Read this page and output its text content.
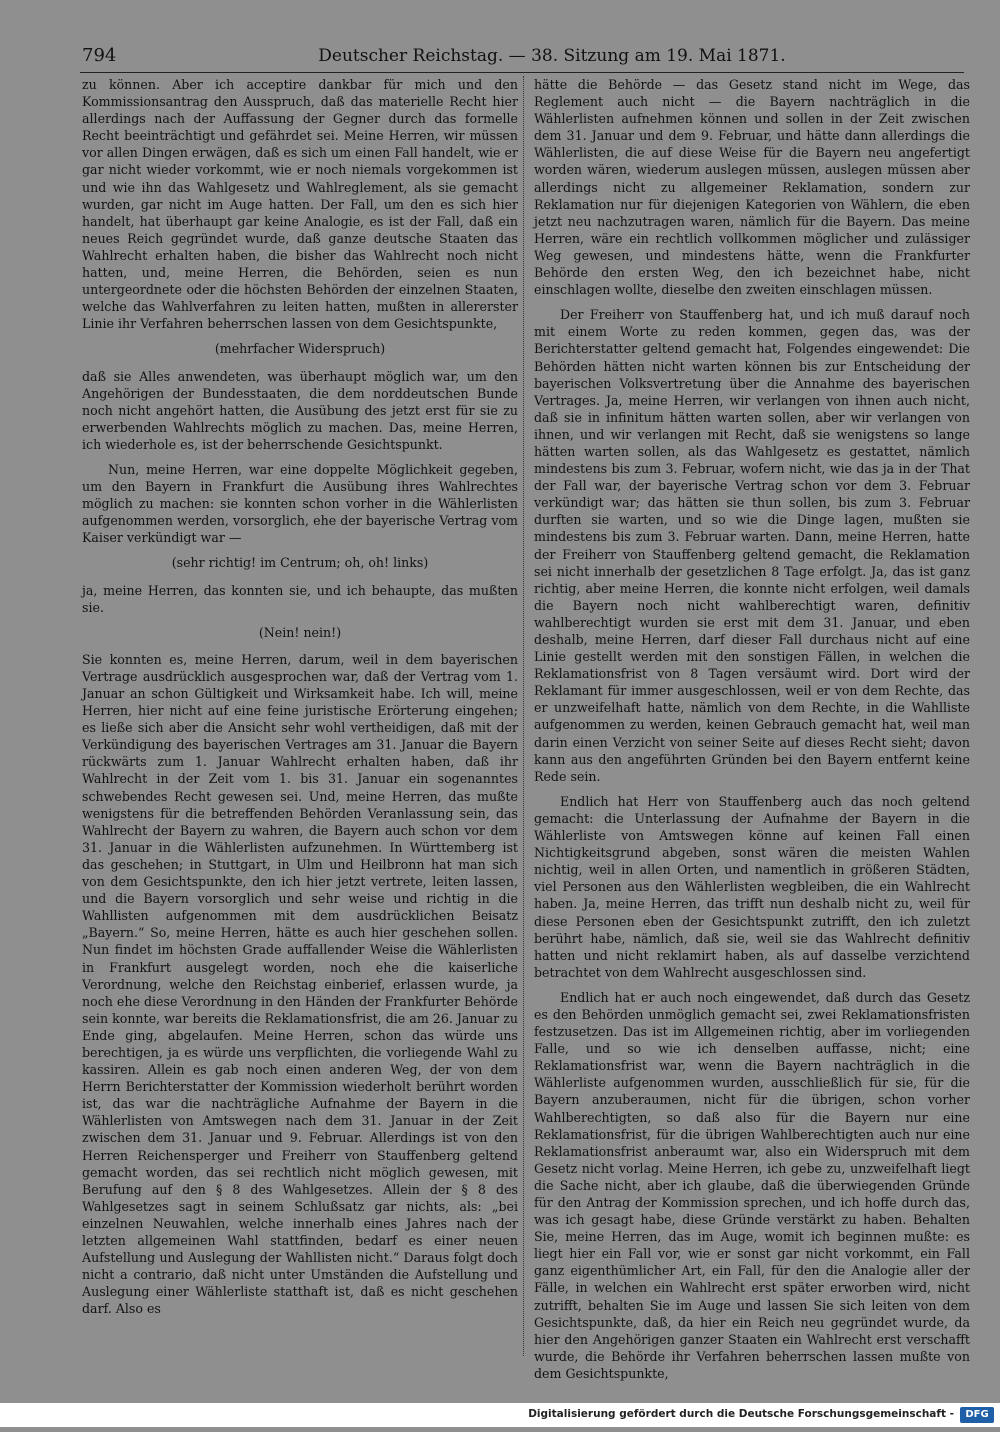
794	Deutscher Reichstag. — 38. Sitzung am 19. Mai 1871.

zu können. Aber ich acceptire dankbar für mich und den Kommissionsantrag den Ausspruch, daß das materielle Recht hier allerdings nach der Auffassung der Gegner durch das formelle Recht beeinträchtigt und gefährdet sei. Meine Herren, wir müssen vor allen Dingen erwägen, daß es sich um einen Fall handelt, wie er gar nicht wieder vorkommt, wie er noch niemals vorgekommen ist und wie ihn das Wahlgesetz und Wahlreglement, als sie gemacht wurden, gar nicht im Auge hatten. Der Fall, um den es sich hier handelt, hat überhaupt gar keine Analogie, es ist der Fall, daß ein neues Reich gegründet wurde, daß ganze deutsche Staaten das Wahlrecht erhalten haben, die bisher das Wahlrecht noch nicht hatten, und, meine Herren, die Behörden, seien es nun untergeordnete oder die höchsten Behörden der einzelnen Staaten, welche das Wahlverfahren zu leiten hatten, mußten in allererster Linie ihr Verfahren beherrschen lassen von dem Gesichtspunkte,

(mehrfacher Widerspruch)

daß sie Alles anwendeten, was überhaupt möglich war, um den Angehörigen der Bundesstaaten, die dem norddeutschen Bunde noch nicht angehört hatten, die Ausübung des jetzt erst für sie zu erwerbenden Wahlrechts möglich zu machen. Das, meine Herren, ich wiederhole es, ist der beherrschende Gesichtspunkt.

Nun, meine Herren, war eine doppelte Möglichkeit gegeben, um den Bayern in Frankfurt die Ausübung ihres Wahlrechtes möglich zu machen: sie konnten schon vorher in die Wählerlisten aufgenommen werden, vorsorglich, ehe der bayerische Vertrag vom Kaiser verkündigt war —

(sehr richtig! im Centrum; oh, oh! links)

ja, meine Herren, das konnten sie, und ich behaupte, das mußten sie.

(Nein! nein!)

Sie konnten es, meine Herren, darum, weil in dem bayerischen Vertrage ausdrücklich ausgesprochen war, daß der Vertrag vom 1. Januar an schon Gültigkeit und Wirksamkeit habe. Ich will, meine Herren, hier nicht auf eine feine juristische Erörterung eingehen; es ließe sich aber die Ansicht sehr wohl vertheidigen, daß mit der Verkündigung des bayerischen Vertrages am 31. Januar die Bayern rückwärts zum 1. Januar Wahlrecht erhalten haben, daß ihr Wahlrecht in der Zeit vom 1. bis 31. Januar ein sogenanntes schwebendes Recht gewesen sei. Und, meine Herren, das mußte wenigstens für die betreffenden Behörden Veranlassung sein, das Wahlrecht der Bayern zu wahren, die Bayern auch schon vor dem 31. Januar in die Wählerlisten aufzunehmen. In Württemberg ist das geschehen; in Stuttgart, in Ulm und Heilbronn hat man sich von dem Gesichtspunkte, den ich hier jetzt vertrete, leiten lassen, und die Bayern vorsorglich und sehr weise und richtig in die Wahllisten aufgenommen mit dem ausdrücklichen Beisatz „Bayern.“ So, meine Herren, hätte es auch hier geschehen sollen. Nun findet im höchsten Grade auffallender Weise die Wählerlisten in Frankfurt ausgelegt worden, noch ehe die kaiserliche Verordnung, welche den Reichstag einberief, erlassen wurde, ja noch ehe diese Verordnung in den Händen der Frankfurter Behörde sein konnte, war bereits die Reklamationsfrist, die am 26. Januar zu Ende ging, abgelaufen. Meine Herren, schon das würde uns berechtigen, ja es würde uns verpflichten, die vorliegende Wahl zu kassiren. Allein es gab noch einen anderen Weg, der von dem Herrn Berichterstatter der Kommission wiederholt berührt worden ist, das war die nachträgliche Aufnahme der Bayern in die Wählerlisten von Amtswegen nach dem 31. Januar in der Zeit zwischen dem 31. Januar und 9. Februar. Allerdings ist von den Herren Reichensperger und Freiherr von Stauffenberg geltend gemacht worden, das sei rechtlich nicht möglich gewesen, mit Berufung auf den § 8 des Wahlgesetzes. Allein der § 8 des Wahlgesetzes sagt in seinem Schlußsatz gar nichts, als: „bei einzelnen Neuwahlen, welche innerhalb eines Jahres nach der letzten allgemeinen Wahl stattfinden, bedarf es einer neuen Aufstellung und Auslegung der Wahllisten nicht.“ Daraus folgt doch nicht a contrario, daß nicht unter Umständen die Aufstellung und Auslegung einer Wählerliste statthaft ist, daß es nicht geschehen darf. Also es

hätte die Behörde — das Gesetz stand nicht im Wege, das Reglement auch nicht — die Bayern nachträglich in die Wählerlisten aufnehmen können und sollen in der Zeit zwischen dem 31. Januar und dem 9. Februar, und hätte dann allerdings die Wählerlisten, die auf diese Weise für die Bayern neu angefertigt worden wären, wiederum auslegen müssen, auslegen müssen aber allerdings nicht zu allgemeiner Reklamation, sondern zur Reklamation nur für diejenigen Kategorien von Wählern, die eben jetzt neu nachzutragen waren, nämlich für die Bayern. Das meine Herren, wäre ein rechtlich vollkommen möglicher und zulässiger Weg gewesen, und mindestens hätte, wenn die Frankfurter Behörde den ersten Weg, den ich bezeichnet habe, nicht einschlagen wollte, dieselbe den zweiten einschlagen müssen.

Der Freiherr von Stauffenberg hat, und ich muß darauf noch mit einem Worte zu reden kommen, gegen das, was der Berichterstatter geltend gemacht hat, Folgendes eingewendet: Die Behörden hätten nicht warten können bis zur Entscheidung der bayerischen Volksvertretung über die Annahme des bayerischen Vertrages. Ja, meine Herren, wir verlangen von ihnen auch nicht, daß sie in infinitum hätten warten sollen, aber wir verlangen von ihnen, und wir verlangen mit Recht, daß sie wenigstens so lange hätten warten sollen, als das Wahlgesetz es gestattet, nämlich mindestens bis zum 3. Februar, wofern nicht, wie das ja in der That der Fall war, der bayerische Vertrag schon vor dem 3. Februar verkündigt war; das hätten sie thun sollen, bis zum 3. Februar durften sie warten, und so wie die Dinge lagen, mußten sie mindestens bis zum 3. Februar warten. Dann, meine Herren, hatte der Freiherr von Stauffenberg geltend gemacht, die Reklamation sei nicht innerhalb der gesetzlichen 8 Tage erfolgt. Ja, das ist ganz richtig, aber meine Herren, die konnte nicht erfolgen, weil damals die Bayern noch nicht wahlberechtigt waren, definitiv wahlberechtigt wurden sie erst mit dem 31. Januar, und eben deshalb, meine Herren, darf dieser Fall durchaus nicht auf eine Linie gestellt werden mit den sonstigen Fällen, in welchen die Reklamationsfrist von 8 Tagen versäumt wird. Dort wird der Reklamant für immer ausgeschlossen, weil er von dem Rechte, das er unzweifelhaft hatte, nämlich von dem Rechte, in die Wahlliste aufgenommen zu werden, keinen Gebrauch gemacht hat, weil man darin einen Verzicht von seiner Seite auf dieses Recht sieht; davon kann aus den angeführten Gründen bei den Bayern entfernt keine Rede sein.

Endlich hat Herr von Stauffenberg auch das noch geltend gemacht: die Unterlassung der Aufnahme der Bayern in die Wählerliste von Amtswegen könne auf keinen Fall einen Nichtigkeitsgrund abgeben, sonst wären die meisten Wahlen nichtig, weil in allen Orten, und namentlich in größeren Städten, viel Personen aus den Wählerlisten wegbleiben, die ein Wahlrecht haben. Ja, meine Herren, das trifft nun deshalb nicht zu, weil für diese Personen eben der Gesichtspunkt zutrifft, den ich zuletzt berührt habe, nämlich, daß sie, weil sie das Wahlrecht definitiv hatten und nicht reklamirt haben, als auf dasselbe verzichtend betrachtet von dem Wahlrecht ausgeschlossen sind.

Endlich hat er auch noch eingewendet, daß durch das Gesetz es den Behörden unmöglich gemacht sei, zwei Reklamationsfristen festzusetzen. Das ist im Allgemeinen richtig, aber im vorliegenden Falle, und so wie ich denselben auffasse, nicht; eine Reklamationsfrist war, wenn die Bayern nachträglich in die Wählerliste aufgenommen wurden, ausschließlich für sie, für die Bayern anzuberaumen, nicht für die übrigen, schon vorher Wahlberechtigten, so daß also für die Bayern nur eine Reklamationsfrist, für die übrigen Wahlberechtigten auch nur eine Reklamationsfrist anberaumt war, also ein Widerspruch mit dem Gesetz nicht vorlag. Meine Herren, ich gebe zu, unzweifelhaft liegt die Sache nicht, aber ich glaube, daß die überwiegenden Gründe für den Antrag der Kommission sprechen, und ich hoffe durch das, was ich gesagt habe, diese Gründe verstärkt zu haben. Behalten Sie, meine Herren, das im Auge, womit ich beginnen mußte: es liegt hier ein Fall vor, wie er sonst gar nicht vorkommt, ein Fall ganz eigenthümlicher Art, ein Fall, für den die Analogie aller der Fälle, in welchen ein Wahlrecht erst später erworben wird, nicht zutrifft, behalten Sie im Auge und lassen Sie sich leiten von dem Gesichtspunkte, daß, da hier ein Reich neu gegründet wurde, da hier den Angehörigen ganzer Staaten ein Wahlrecht erst verschafft wurde, die Behörde ihr Verfahren beherrschen lassen mußte von dem Gesichtspunkte,

Digitalisierung gefördert durch die Deutsche Forschungsgemeinschaft -	DFG
